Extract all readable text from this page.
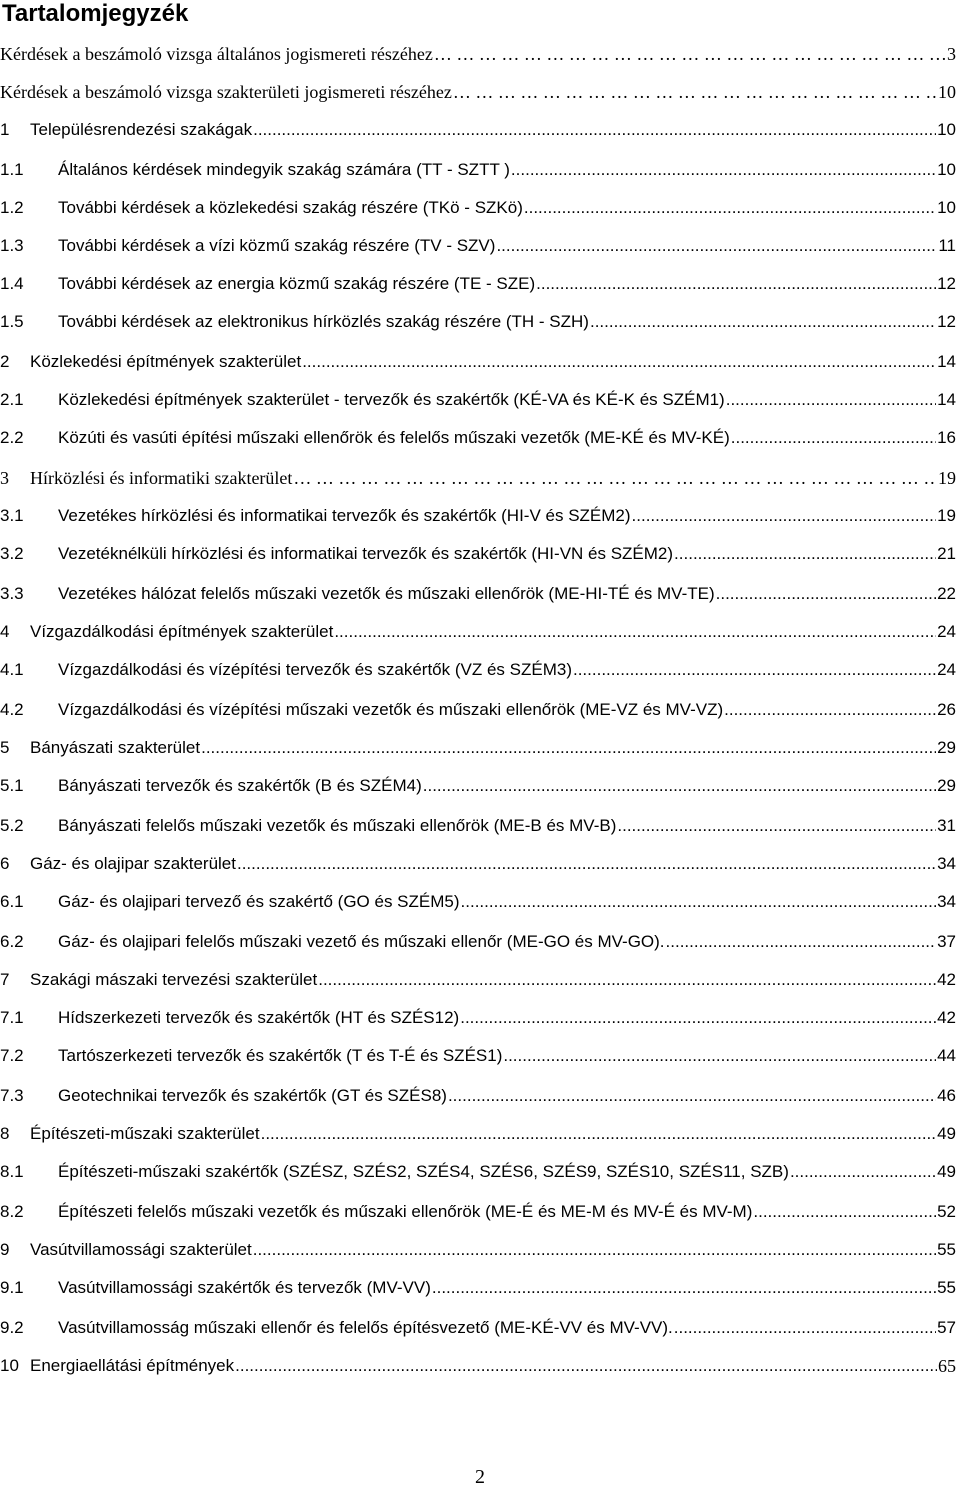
Tartalomjegyzék
Kérdések a beszámoló vizsga általános jogismereti részéhez … … … … … … … … … … … … … … … … … … … … … … … … … … … … … … … … … … … … … … … … … … … … … … … …	3
Kérdések a beszámoló vizsga szakterületi jogismereti részéhez … … … … … … … … … … … … … … … … … … … … … … … … … … … … … … … … … … … … … … … … … … … … … … … …	10
1	Településrendezési szakágak .....	10
1.1	Általános kérdések mindegyik szakág számára (TT - SZTT ) .....	10
1.2	További kérdések a közlekedési szakág részére (TKö - SZKö) .....	10
1.3	További kérdések a vízi közmű szakág részére (TV - SZV) .....	11
1.4	További kérdések az energia közmű szakág részére (TE - SZE) .....	12
1.5	További kérdések az elektronikus hírközlés szakág részére (TH - SZH) .....	12
2	Közlekedési építmények szakterület .....	14
2.1	Közlekedési építmények szakterület - tervezők és szakértők (KÉ-VA és KÉ-K és SZÉM1) .....	14
2.2	Közúti és vasúti építési műszaki ellenőrök és felelős műszaki vezetők (ME-KÉ és MV-KÉ) .....	16
3	Hírközlési és informatiki szakterület … … … … … … … … … … … … … … … … … … … … … … … … … … … … … … … … … … … … … … … … … … … … … … … …	19
3.1	Vezetékes hírközlési és informatikai tervezők és szakértők (HI-V és SZÉM2) .....	19
3.2	Vezetéknélküli hírközlési és informatikai tervezők és szakértők (HI-VN és SZÉM2) .....	21
3.3	Vezetékes hálózat felelős műszaki vezetők és műszaki ellenőrök (ME-HI-TÉ és MV-TE) .....	22
4	Vízgazdálkodási építmények szakterület .....	24
4.1	Vízgazdálkodási és vízépítési tervezők és szakértők (VZ és SZÉM3) .....	24
4.2	Vízgazdálkodási és vízépítési műszaki vezetők és műszaki ellenőrök (ME-VZ és MV-VZ) .....	26
5	Bányászati szakterület .....	29
5.1	Bányászati tervezők és szakértők (B és SZÉM4) .....	29
5.2	Bányászati felelős műszaki vezetők és műszaki ellenőrök (ME-B és MV-B) .....	31
6	Gáz- és olajipar szakterület .....	34
6.1	Gáz- és olajipari tervező és szakértő (GO és SZÉM5) .....	34
6.2	Gáz- és olajipari felelős műszaki vezető és műszaki ellenőr (ME-GO és MV-GO). .....	37
7	Szakági mászaki tervezési szakterület .....	42
7.1	Hídszerkezeti tervezők és szakértők (HT és SZÉS12) .....	42
7.2	Tartószerkezeti tervezők és szakértők (T és T-É és SZÉS1) .....	44
7.3	Geotechnikai tervezők és szakértők (GT és SZÉS8) .....	46
8	Építészeti-műszaki szakterület .....	49
8.1	Építészeti-műszaki szakértők (SZÉSZ, SZÉS2, SZÉS4, SZÉS6, SZÉS9, SZÉS10, SZÉS11, SZB) .....	49
8.2	Építészeti felelős műszaki vezetők és műszaki ellenőrök (ME-É és ME-M és MV-É és MV-M) .....	52
9	Vasútvillamossági szakterület .....	55
9.1	Vasútvillamossági szakértők és tervezők (MV-VV) .....	55
9.2	Vasútvillamosság műszaki ellenőr és felelős építésvezető (ME-KÉ-VV és MV-VV). .....	57
10 Energiaellátási építmények .....	65
2
